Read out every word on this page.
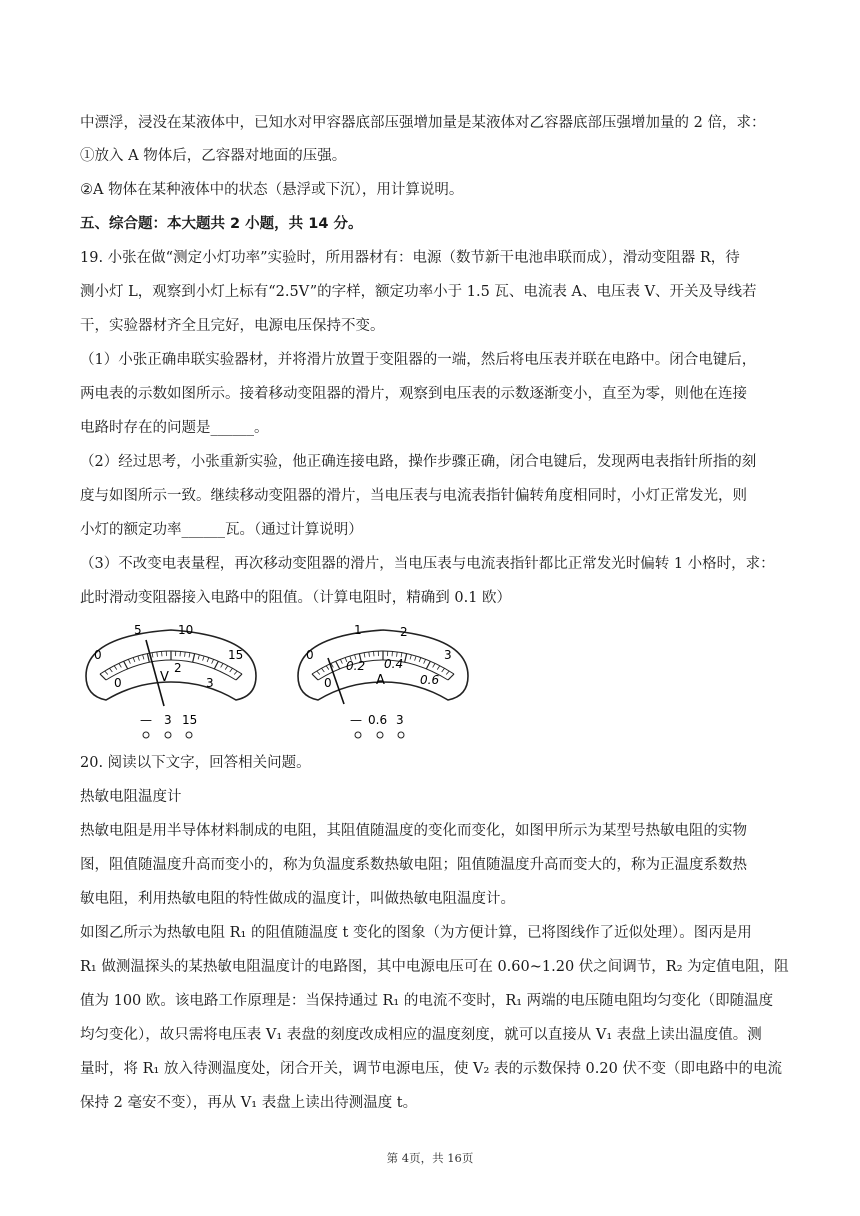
中漂浮，浸没在某液体中，已知水对甲容器底部压强增加量是某液体对乙容器底部压强增加量的 2 倍，求：
①放入 A 物体后，乙容器对地面的压强。
②A 物体在某种液体中的状态（悬浮或下沉），用计算说明。
五、综合题：本大题共 2 小题，共 14 分。
19. 小张在做“测定小灯功率”实验时，所用器材有：电源（数节新干电池串联而成），滑动变阻器 R，待
测小灯 L，观察到小灯上标有“2.5V”的字样，额定功率小于 1.5 瓦、电流表 A、电压表 V、开关及导线若
干，实验器材齐全且完好，电源电压保持不变。
（1）小张正确串联实验器材，并将滑片放置于变阻器的一端，然后将电压表并联在电路中。闭合电键后，
两电表的示数如图所示。接着移动变阻器的滑片，观察到电压表的示数逐渐变小，直至为零，则他在连接
电路时存在的问题是______。
（2）经过思考，小张重新实验，他正确连接电路，操作步骤正确，闭合电键后，发现两电表指针所指的刻
度与如图所示一致。继续移动变阻器的滑片，当电压表与电流表指针偏转角度相同时，小灯正常发光，则
小灯的额定功率______瓦。（通过计算说明）
（3）不改变电表量程，再次移动变阻器的滑片，当电压表与电流表指针都比正常发光时偏转 1 小格时，求：
此时滑动变阻器接入电路中的阻值。（计算电阻时，精确到 0.1 欧）
0
5	10
15
0
2
3
V
— 3 15
0
1	2
3
0
0.2 0.4
0.6
A
— 0.6 3
20. 阅读以下文字，回答相关问题。
热敏电阻温度计
热敏电阻是用半导体材料制成的电阻，其阻值随温度的变化而变化，如图甲所示为某型号热敏电阻的实物
图，阻值随温度升高而变小的，称为负温度系数热敏电阻；阻值随温度升高而变大的，称为正温度系数热
敏电阻，利用热敏电阻的特性做成的温度计，叫做热敏电阻温度计。
如图乙所示为热敏电阻 R₁ 的阻值随温度 t 变化的图象（为方便计算，已将图线作了近似处理）。图丙是用
R₁ 做测温探头的某热敏电阻温度计的电路图，其中电源电压可在 0.60~1.20 伏之间调节，R₂ 为定值电阻，阻
值为 100 欧。该电路工作原理是：当保持通过 R₁ 的电流不变时，R₁ 两端的电压随电阻均匀变化（即随温度
均匀变化），故只需将电压表 V₁ 表盘的刻度改成相应的温度刻度，就可以直接从 V₁ 表盘上读出温度值。测
量时，将 R₁ 放入待测温度处，闭合开关，调节电源电压，使 V₂ 表的示数保持 0.20 伏不变（即电路中的电流
保持 2 毫安不变），再从 V₁ 表盘上读出待测温度 t。
第 4页，共 16页
